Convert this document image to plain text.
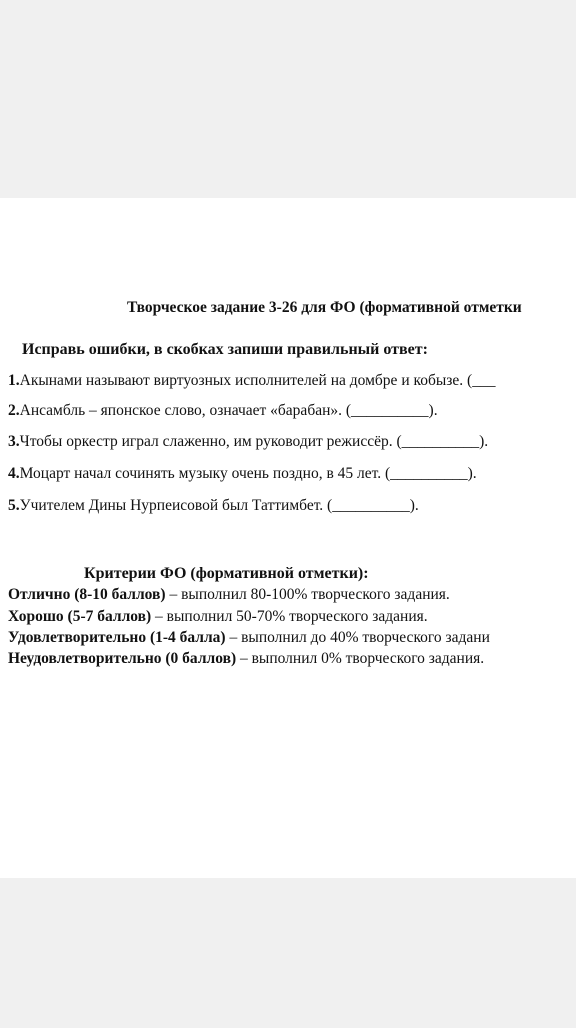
Творческое задание 3-26 для ФО (формативной отметки
Исправь ошибки, в скобках запиши правильный ответ:
1.Акынами называют виртуозных исполнителей на домбре и кобызе. (___
2.Ансамбль – японское слово, означает «барабан». (__________).
3.Чтобы оркестр играл слаженно, им руководит режиссёр. (__________).
4.Моцарт начал сочинять музыку очень поздно, в 45 лет. (__________).
5.Учителем Дины Нурпеисовой был Таттимбет. (__________).
Критерии ФО (формативной отметки):
Отлично (8-10 баллов) – выполнил 80-100% творческого задания.
Хорошо (5-7 баллов) – выполнил 50-70% творческого задания.
Удовлетворительно (1-4 балла) – выполнил до 40% творческого задани
Неудовлетворительно (0 баллов) – выполнил 0% творческого задания.
